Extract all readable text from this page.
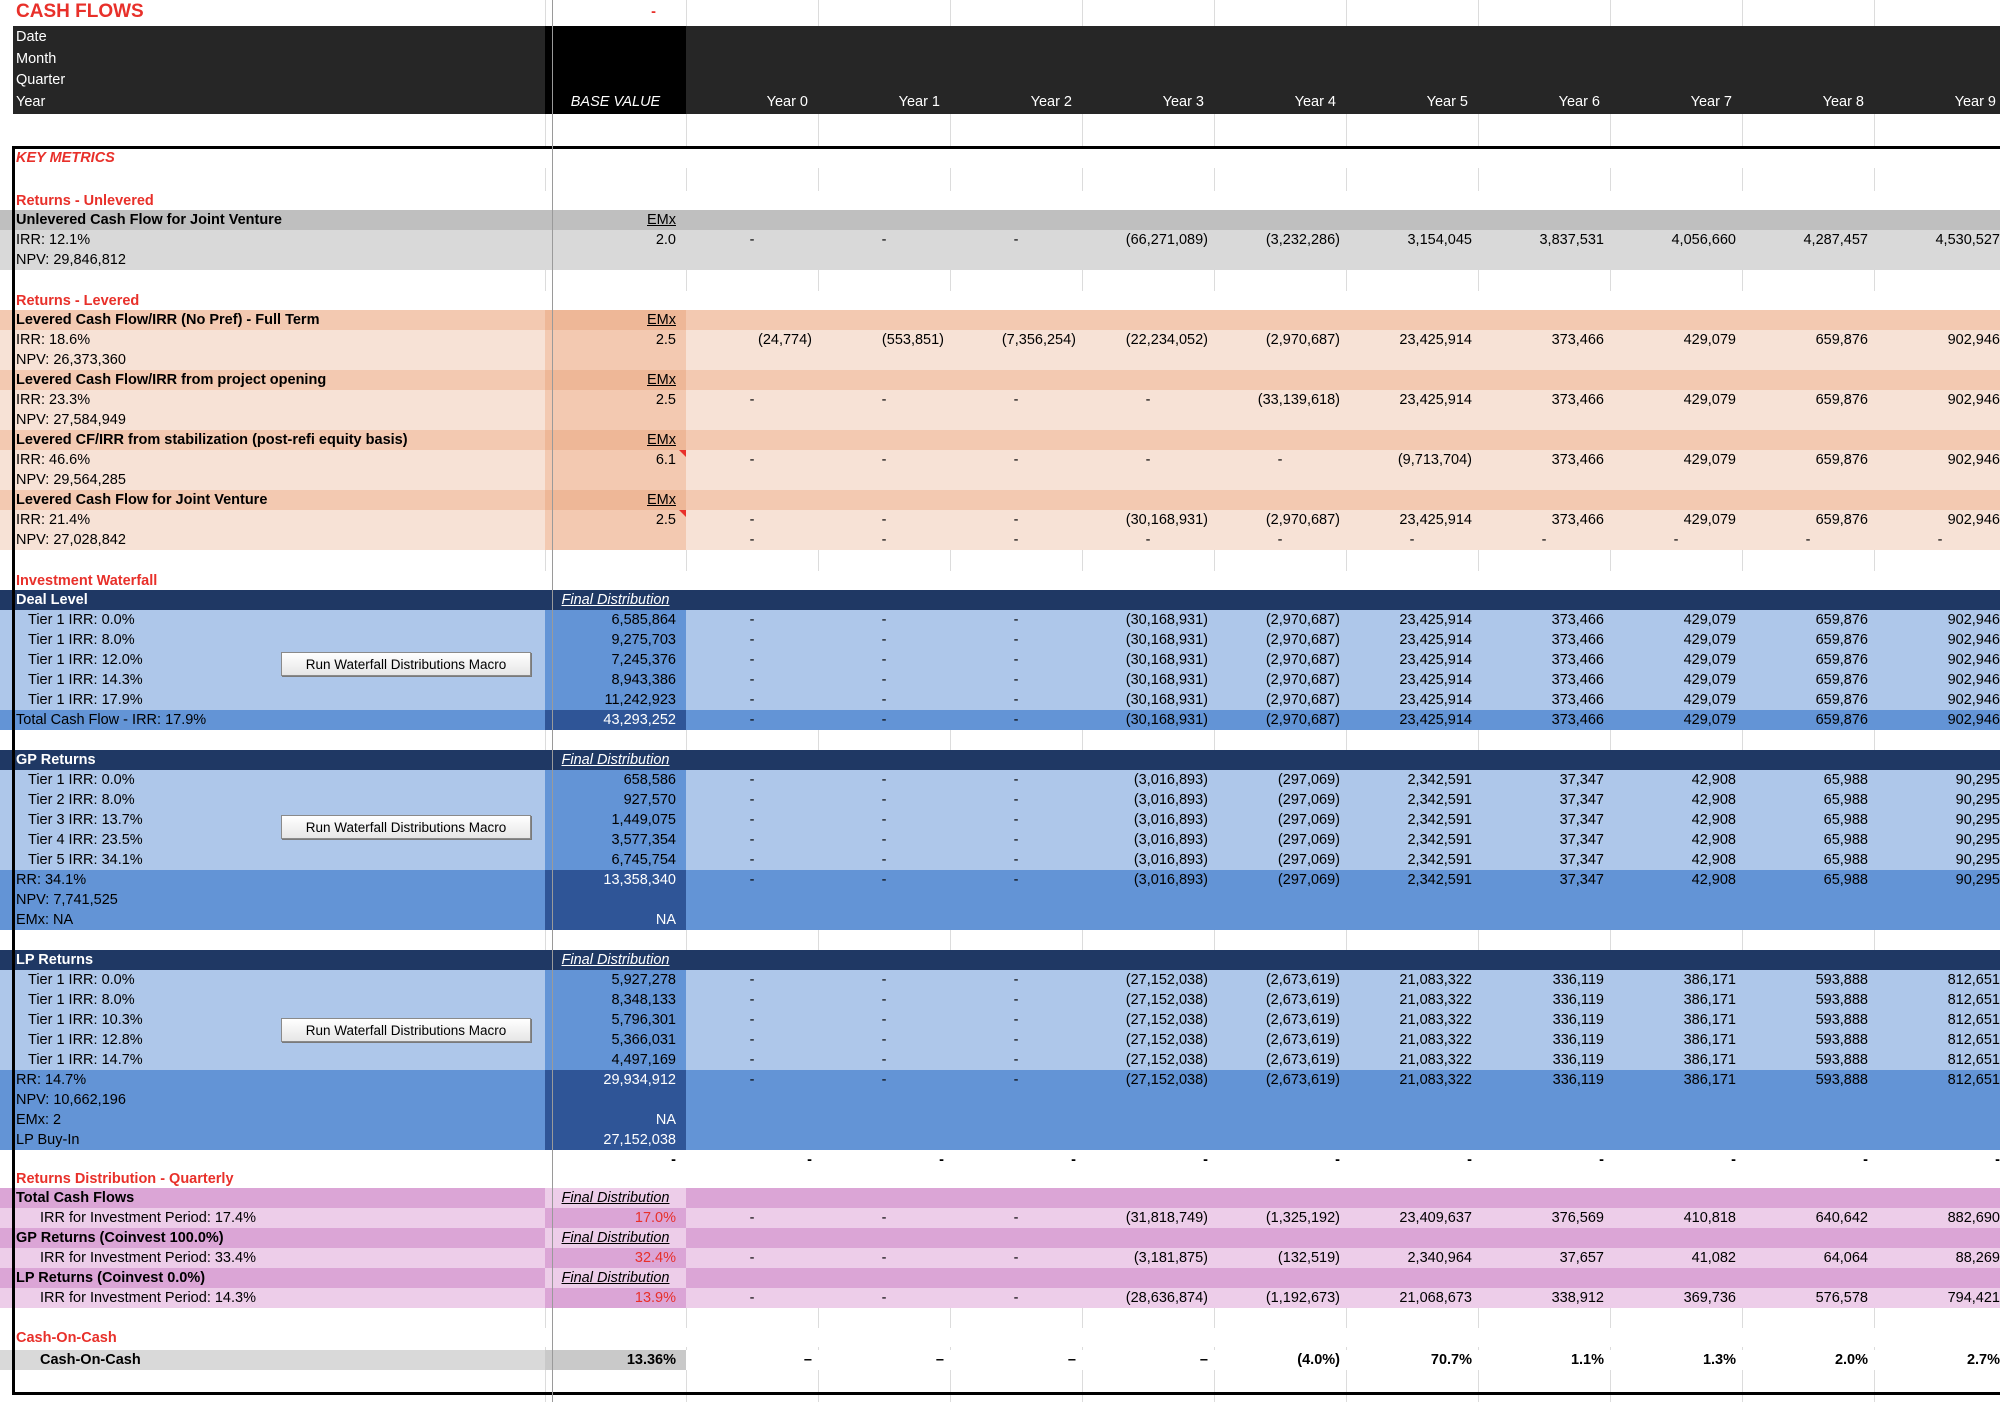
CASH FLOWS	-
Date
Month
Quarter
Year	BASE VALUE	Year 0	Year 1	Year 2	Year 3	Year 4	Year 5	Year 6	Year 7	Year 8	Year 9
KEY METRICS
Returns - Unlevered
Unlevered Cash Flow for Joint Venture	EMx
IRR: 12.1%	2.0	-	-	-	(66,271,089)	(3,232,286)	3,154,045	3,837,531	4,056,660	4,287,457	4,530,527
NPV: 29,846,812
Returns - Levered
Levered Cash Flow/IRR (No Pref) - Full Term	EMx
IRR: 18.6%	2.5	(24,774)	(553,851)	(7,356,254)	(22,234,052)	(2,970,687)	23,425,914	373,466	429,079	659,876	902,946
NPV: 26,373,360
Levered Cash Flow/IRR from project opening	EMx
IRR: 23.3%	2.5	-	-	-	-	(33,139,618)	23,425,914	373,466	429,079	659,876	902,946
NPV: 27,584,949
Levered CF/IRR from stabilization (post-refi equity basis)	EMx
IRR: 46.6%	6.1	-	-	-	-	-	(9,713,704)	373,466	429,079	659,876	902,946
NPV: 29,564,285
Levered Cash Flow for Joint Venture	EMx
IRR: 21.4%	2.5	-	-	-	(30,168,931)	(2,970,687)	23,425,914	373,466	429,079	659,876	902,946
NPV: 27,028,842	-	-	-	-	-	-	-	-	-	-
Investment Waterfall
Deal Level	Final Distribution
Tier 1 IRR: 0.0%	6,585,864	-	-	-	(30,168,931)	(2,970,687)	23,425,914	373,466	429,079	659,876	902,946
Tier 1 IRR: 8.0%	9,275,703	-	-	-	(30,168,931)	(2,970,687)	23,425,914	373,466	429,079	659,876	902,946
Tier 1 IRR: 12.0%	7,245,376	-	-	-	(30,168,931)	(2,970,687)	23,425,914	373,466	429,079	659,876	902,946
Tier 1 IRR: 14.3%	8,943,386	-	-	-	(30,168,931)	(2,970,687)	23,425,914	373,466	429,079	659,876	902,946
Tier 1 IRR: 17.9%	11,242,923	-	-	-	(30,168,931)	(2,970,687)	23,425,914	373,466	429,079	659,876	902,946
Total Cash Flow - IRR: 17.9%	43,293,252	-	-	-	(30,168,931)	(2,970,687)	23,425,914	373,466	429,079	659,876	902,946
GP Returns	Final Distribution
Tier 1 IRR: 0.0%	658,586	-	-	-	(3,016,893)	(297,069)	2,342,591	37,347	42,908	65,988	90,295
Tier 2 IRR: 8.0%	927,570	-	-	-	(3,016,893)	(297,069)	2,342,591	37,347	42,908	65,988	90,295
Tier 3 IRR: 13.7%	1,449,075	-	-	-	(3,016,893)	(297,069)	2,342,591	37,347	42,908	65,988	90,295
Tier 4 IRR: 23.5%	3,577,354	-	-	-	(3,016,893)	(297,069)	2,342,591	37,347	42,908	65,988	90,295
Tier 5 IRR: 34.1%	6,745,754	-	-	-	(3,016,893)	(297,069)	2,342,591	37,347	42,908	65,988	90,295
RR: 34.1%	13,358,340	-	-	-	(3,016,893)	(297,069)	2,342,591	37,347	42,908	65,988	90,295
NPV: 7,741,525
EMx: NA	NA
LP Returns	Final Distribution
Tier 1 IRR: 0.0%	5,927,278	-	-	-	(27,152,038)	(2,673,619)	21,083,322	336,119	386,171	593,888	812,651
Tier 1 IRR: 8.0%	8,348,133	-	-	-	(27,152,038)	(2,673,619)	21,083,322	336,119	386,171	593,888	812,651
Tier 1 IRR: 10.3%	5,796,301	-	-	-	(27,152,038)	(2,673,619)	21,083,322	336,119	386,171	593,888	812,651
Tier 1 IRR: 12.8%	5,366,031	-	-	-	(27,152,038)	(2,673,619)	21,083,322	336,119	386,171	593,888	812,651
Tier 1 IRR: 14.7%	4,497,169	-	-	-	(27,152,038)	(2,673,619)	21,083,322	336,119	386,171	593,888	812,651
RR: 14.7%	29,934,912	-	-	-	(27,152,038)	(2,673,619)	21,083,322	336,119	386,171	593,888	812,651
NPV: 10,662,196
EMx: 2	NA
LP Buy-In	27,152,038
-	-	-	-	-	-	-	-	-	-	-
Returns Distribution - Quarterly
Total Cash Flows	Final Distribution
IRR for Investment Period: 17.4%	17.0%	-	-	-	(31,818,749)	(1,325,192)	23,409,637	376,569	410,818	640,642	882,690
GP Returns (Coinvest 100.0%)	Final Distribution
IRR for Investment Period: 33.4%	32.4%	-	-	-	(3,181,875)	(132,519)	2,340,964	37,657	41,082	64,064	88,269
LP Returns (Coinvest 0.0%)	Final Distribution
IRR for Investment Period: 14.3%	13.9%	-	-	-	(28,636,874)	(1,192,673)	21,068,673	338,912	369,736	576,578	794,421
Cash-On-Cash
Cash-On-Cash	13.36%	–	–	–	–	(4.0%)	70.7%	1.1%	1.3%	2.0%	2.7%
Run Waterfall Distributions Macro
Run Waterfall Distributions Macro
Run Waterfall Distributions Macro
